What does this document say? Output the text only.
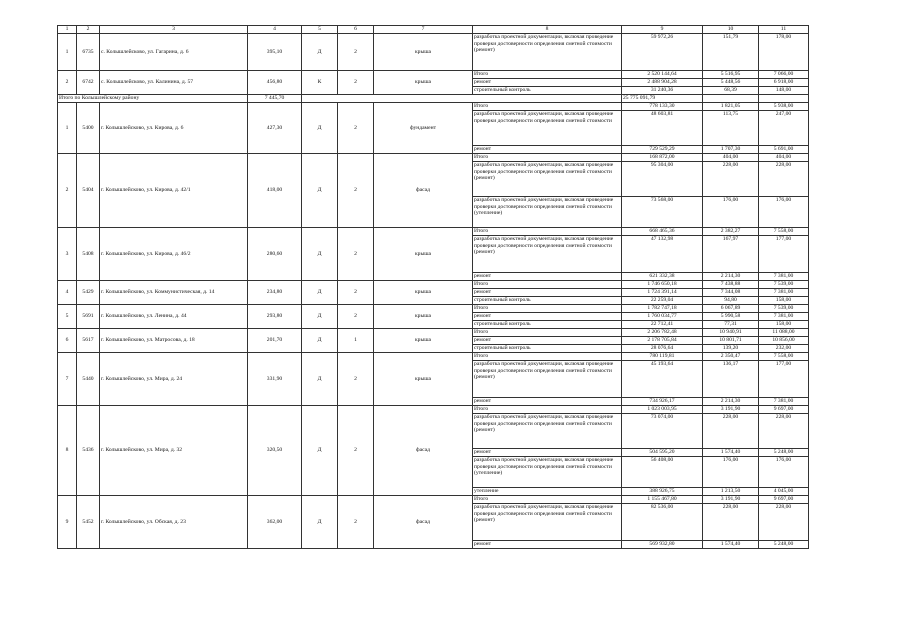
1	2	3	4	5	6	7	8	9	10	11
1	6735	с. Колышлейсково, ул. Гагарина, д. 6	395,10	Д	2	крыша	разработка проектной документации, включая проведение проверки достоверности определения сметной стоимости (ремонт)	59 972,26	151,79	178,00
2	6742	с. Колышлейсково, ул. Калинина, д. 57	456,80	К	2	крыша	Итого	2 520 144,64	5 516,95	7 066,00
							ремонт	2 488 904,28	5 448,56	6 918,00
							строительный контроль	31 240,36	68,39	148,00
Итого по Колышлейскому району			7 445,70					25 775 091,79		
1	5400	г. Колышлейсково, ул. Кирова, д. 6	427,30	Д	2	фундамент	Итого	778 133,30	1 821,05	5 938,00
							разработка проектной документации, включая проведение проверки достоверности определения сметной стоимости	48 603,81	113,75	247,00
							ремонт	729 529,29	1 707,30	5 691,00
2	5404	г. Колышлейсково, ул. Кирова, д. 42/1	418,00	Д	2	фасад	Итого	168 872,00	404,00	404,00
							разработка проектной документации, включая проведение проверки достоверности определения сметной стоимости (ремонт)	95 304,00	228,00	228,00
							разработка проектной документации, включая проведение проверки достоверности определения сметной стоимости (утепление)	73 568,00	176,00	176,00
3	5408	г. Колышлейсково, ул. Кирова, д. 46/2	280,60	Д	2	крыша	Итого	668 465,36	2 382,27	7 558,00
							разработка проектной документации, включая проведение проверки достоверности определения сметной стоимости (ремонт)	47 132,98	167,97	177,00
							ремонт	621 332,38	2 214,30	7 381,00
4	5429	г. Колышлейсково, ул. Коммунистическая, д. 14	234,80	Д	2	крыша	Итого	1 746 650,18	7 438,88	7 539,00
							ремонт	1 724 391,14	7 344,08	7 381,00
							строительный контроль	22 259,04	94,80	158,00
5	5691	г. Колышлейсково, ул. Ленина, д. 44	293,80	Д	2	крыша	Итого	1 782 747,18	6 067,89	7 539,00
							ремонт	1 760 034,77	5 990,58	7 381,00
							строительный контроль	22 712,41	77,31	158,00
6	5617	г. Колышлейсково, ул. Матросова, д. 18	201,70	Д	1	крыша	Итого	2 206 782,48	10 940,91	11 088,00
							ремонт	2 178 705,84	10 801,71	10 856,00
							строительный контроль	28 076,64	139,20	232,00
7	5440	г. Колышлейсково, ул. Мира, д. 24	331,90	Д	2	крыша	Итого	780 119,81	2 350,47	7 558,00
							разработка проектной документации, включая проведение проверки достоверности определения сметной стоимости (ремонт)	45 193,64	136,17	177,00
							ремонт	734 926,17	2 214,30	7 381,00
8	5436	г. Колышлейсково, ул. Мира, д. 32	320,50	Д	2	фасад	Итого	1 023 003,95	3 191,90	9 697,00
							разработка проектной документации, включая проведение проверки достоверности определения сметной стоимости (ремонт)	73 074,00	228,00	228,00
							ремонт	504 595,20	1 574,40	5 248,00
							разработка проектной документации, включая проведение проверки достоверности определения сметной стоимости (утепление)	56 408,00	176,00	176,00
							утепление	388 926,75	1 213,50	4 045,00
9	5452	г. Колышлейсково, ул. Обская, д. 23	362,00	Д	2	фасад	Итого	1 155 467,80	3 191,90	9 697,00
							разработка проектной документации, включая проведение проверки достоверности определения сметной стоимости (ремонт)	82 536,00	228,00	228,00
							ремонт	569 932,80	1 574,40	5 248,00
